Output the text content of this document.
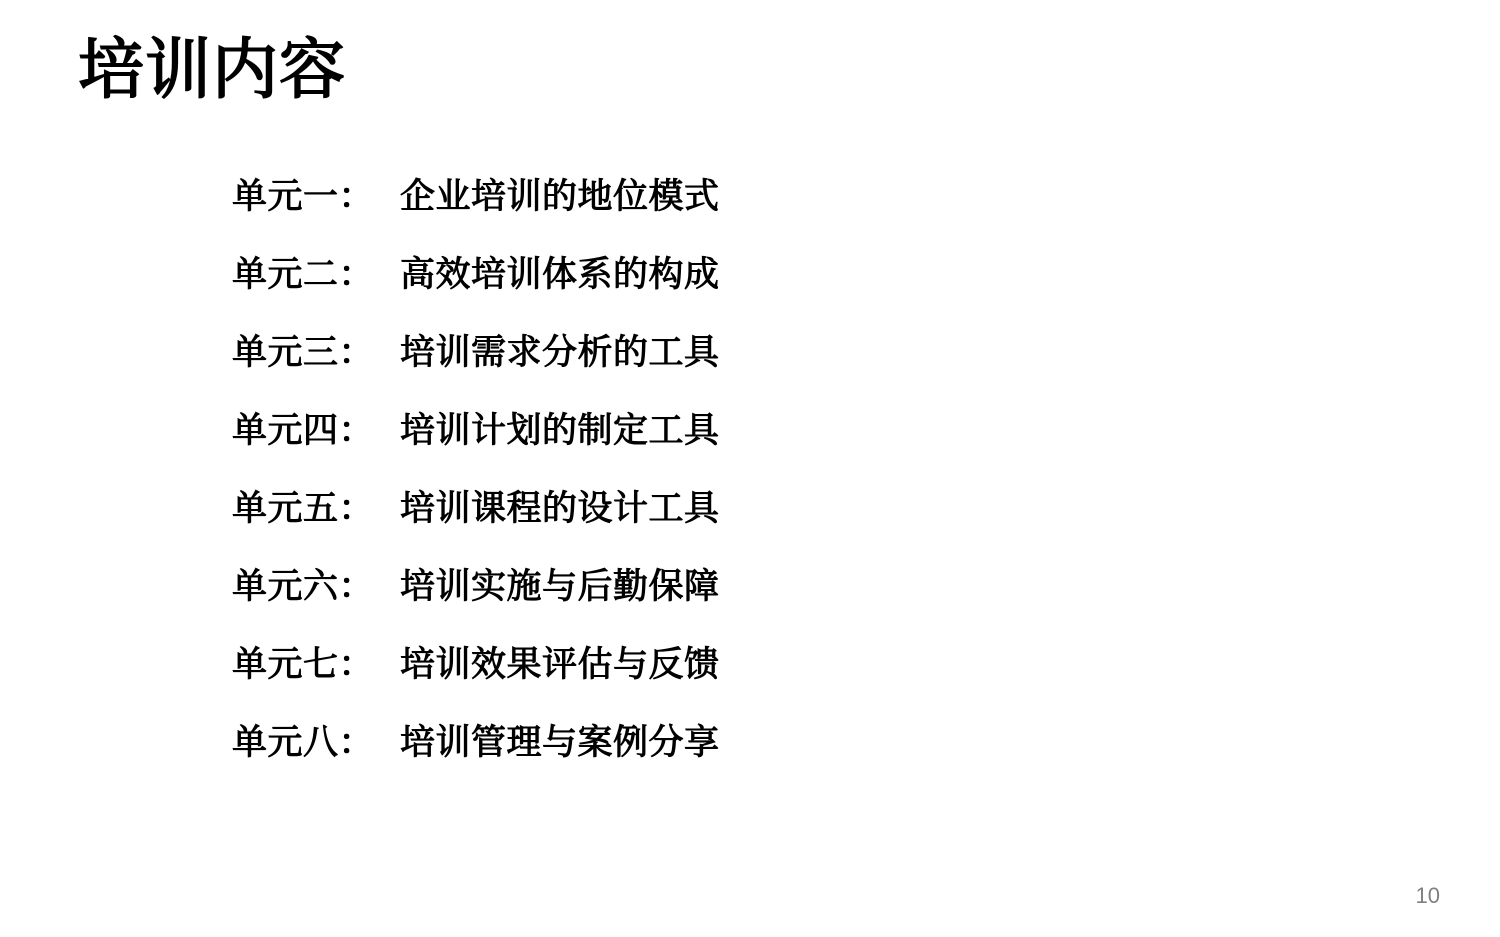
培训内容
单元一： 企业培训的地位模式
单元二： 高效培训体系的构成
单元三： 培训需求分析的工具
单元四： 培训计划的制定工具
单元五： 培训课程的设计工具
单元六： 培训实施与后勤保障
单元七： 培训效果评估与反馈
单元八： 培训管理与案例分享
10
